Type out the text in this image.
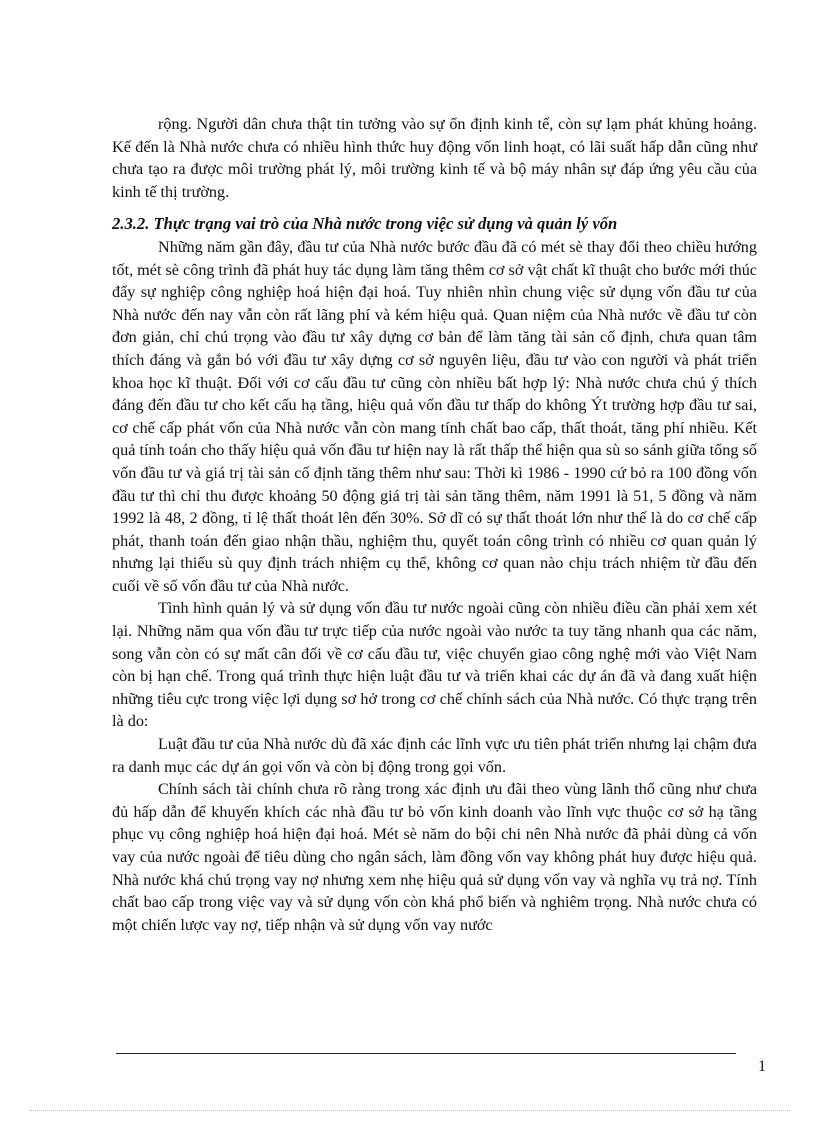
rộng. Người dân chưa thật tin tưởng vào sự ổn định kinh tế, còn sự lạm phát khủng hoảng. Kế đến là Nhà nước chưa có nhiều hình thức huy động vốn linh hoạt, có lãi suất hấp dẫn cũng như chưa tạo ra được môi trường phát lý, môi trường kinh tế và bộ máy nhân sự đáp ứng yêu cầu của kinh tế thị trường.

2.3.2. Thực trạng vai trò của Nhà nước trong việc sử dụng và quản lý vốn

Những năm gần đây, đầu tư của Nhà nước bước đầu đã có mét sè thay đổi theo chiều hướng tốt, mét sè công trình đã phát huy tác dụng làm tăng thêm cơ sở vật chất kĩ thuật cho bước mới thúc đẩy sự nghiệp công nghiệp hoá hiện đại hoá. Tuy nhiên nhìn chung việc sử dụng vốn đầu tư của Nhà nước đến nay vẫn còn rất lãng phí và kém hiệu quả. Quan niệm của Nhà nước về đầu tư còn đơn giản, chỉ chú trọng vào đầu tư xây dựng cơ bản để làm tăng tài sản cố định, chưa quan tâm thích đáng và gắn bó với đầu tư xây dựng cơ sở nguyên liệu, đầu tư vào con người và phát triển khoa học kĩ thuật. Đối với cơ cấu đầu tư cũng còn nhiều bất hợp lý: Nhà nước chưa chú ý thích đáng đến đầu tư cho kết cấu hạ tầng, hiệu quả vốn đầu tư thấp do không Ýt trường hợp đầu tư sai, cơ chế cấp phát vốn của Nhà nước vẫn còn mang tính chất bao cấp, thất thoát, tăng phí nhiều. Kết quả tính toán cho thấy hiệu quả vốn đầu tư hiện nay là rất thấp thể hiện qua sù so sánh giữa tổng số vốn đầu tư và giá trị tài sản cố định tăng thêm như sau: Thời kì 1986 - 1990 cứ bỏ ra 100 đồng vốn đầu tư thì chỉ thu được khoảng 50 động giá trị tài sản tăng thêm, năm 1991 là 51, 5 đồng và năm 1992 là 48, 2 đồng, tỉ lệ thất thoát lên đến 30%. Sở dĩ có sự thất thoát lớn như thế là do cơ chế cấp phát, thanh toán đến giao nhận thầu, nghiệm thu, quyết toán công trình có nhiều cơ quan quản lý nhưng lại thiếu sù quy định trách nhiệm cụ thể, không cơ quan nào chịu trách nhiệm từ đầu đến cuối về số vốn đầu tư của Nhà nước.

Tình hình quản lý và sử dụng vốn đầu tư nước ngoài cũng còn nhiều điều cần phải xem xét lại. Những năm qua vốn đầu tư trực tiếp của nước ngoài vào nước ta tuy tăng nhanh qua các năm, song vẫn còn có sự mất cân đối về cơ cấu đầu tư, việc chuyển giao công nghệ mới vào Việt Nam còn bị hạn chế. Trong quá trình thực hiện luật đầu tư và triển khai các dự án đã và đang xuất hiện những tiêu cực trong việc lợi dụng sơ hở trong cơ chế chính sách của Nhà nước. Có thực trạng trên là do:

Luật đầu tư của Nhà nước dù đã xác định các lĩnh vực ưu tiên phát triển nhưng lại chậm đưa ra danh mục các dự án gọi vốn và còn bị động trong gọi vốn.

Chính sách tài chính chưa rõ ràng trong xác định ưu đãi theo vùng lãnh thổ cũng như chưa đủ hấp dẫn để khuyến khích các nhà đầu tư bỏ vốn kinh doanh vào lĩnh vực thuộc cơ sở hạ tầng phục vụ công nghiệp hoá hiện đại hoá. Mét sè năm do bội chi nên Nhà nước đã phải dùng cả vốn vay của nước ngoài để tiêu dùng cho ngân sách, làm đồng vốn vay không phát huy được hiệu quả. Nhà nước khá chú trọng vay nợ nhưng xem nhẹ hiệu quả sử dụng vốn vay và nghĩa vụ trả nợ. Tính chất bao cấp trong việc vay và sử dụng vốn còn khá phổ biến và nghiêm trọng. Nhà nước chưa có một chiến lược vay nợ, tiếp nhận và sử dụng vốn vay nước

1
